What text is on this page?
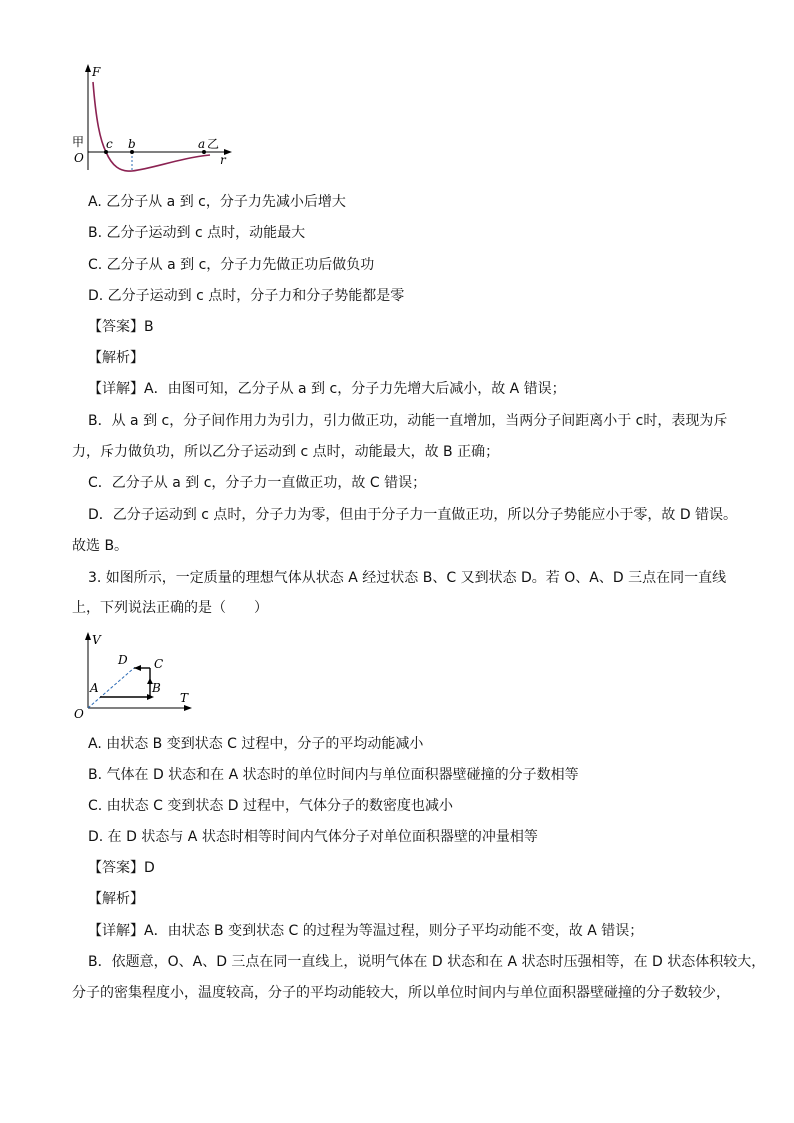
F
甲
O
c b	a 乙
r
A. 乙分子从 a 到 c，分子力先减小后增大
B. 乙分子运动到 c 点时，动能最大
C. 乙分子从 a 到 c，分子力先做正功后做负功
D. 乙分子运动到 c 点时，分子力和分子势能都是零
【答案】B
【解析】
【详解】A．由图可知，乙分子从 a 到 c，分子力先增大后减小，故 A 错误；
B．从 a 到 c，分子间作用力为引力，引力做正功，动能一直增加，当两分子间距离小于 c时，表现为斥
力，斥力做负功，所以乙分子运动到 c 点时，动能最大，故 B 正确；
C．乙分子从 a 到 c，分子力一直做正功，故 C 错误；
D．乙分子运动到 c 点时，分子力为零，但由于分子力一直做正功，所以分子势能应小于零，故 D 错误。
故选 B。
3. 如图所示，一定质量的理想气体从状态 A 经过状态 B、C 又到状态 D。若 O、A、D 三点在同一直线
上，下列说法正确的是（　　）
V
T
O
A	B
C
D
A. 由状态 B 变到状态 C 过程中，分子的平均动能减小
B. 气体在 D 状态和在 A 状态时的单位时间内与单位面积器壁碰撞的分子数相等
C. 由状态 C 变到状态 D 过程中，气体分子的数密度也减小
D. 在 D 状态与 A 状态时相等时间内气体分子对单位面积器壁的冲量相等
【答案】D
【解析】
【详解】A．由状态 B 变到状态 C 的过程为等温过程，则分子平均动能不变，故 A 错误；
B．依题意，O、A、D 三点在同一直线上，说明气体在 D 状态和在 A 状态时压强相等，在 D 状态体积较大，
分子的密集程度小，温度较高，分子的平均动能较大，所以单位时间内与单位面积器壁碰撞的分子数较少，
